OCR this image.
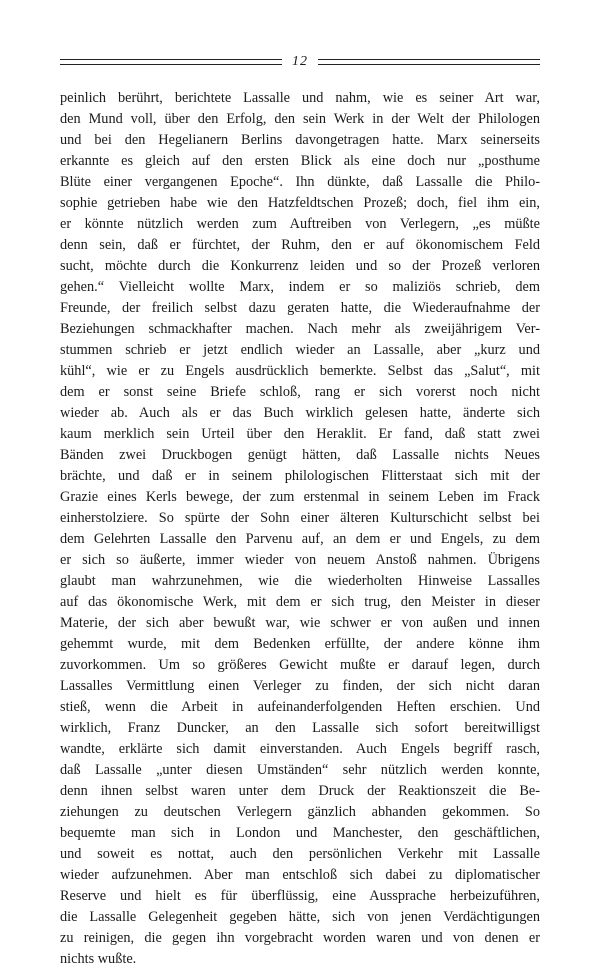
12
peinlich berührt, berichtete Lassalle und nahm, wie es seiner Art war,
den Mund voll, über den Erfolg, den sein Werk in der Welt der Philologen
und bei den Hegelianern Berlins davongetragen hatte. Marx seinerseits
erkannte es gleich auf den ersten Blick als eine doch nur „posthume
Blüte einer vergangenen Epoche“. Ihn dünkte, daß Lassalle die Philo-
sophie getrieben habe wie den Hatzfeldtschen Prozeß; doch, fiel ihm ein,
er könnte nützlich werden zum Auftreiben von Verlegern, „es müßte
denn sein, daß er fürchtet, der Ruhm, den er auf ökonomischem Feld
sucht, möchte durch die Konkurrenz leiden und so der Prozeß verloren
gehen.“ Vielleicht wollte Marx, indem er so maliziös schrieb, dem
Freunde, der freilich selbst dazu geraten hatte, die Wiederaufnahme der
Beziehungen schmackhafter machen. Nach mehr als zweijährigem Ver-
stummen schrieb er jetzt endlich wieder an Lassalle, aber „kurz und
kühl“, wie er zu Engels ausdrücklich bemerkte. Selbst das „Salut“, mit
dem er sonst seine Briefe schloß, rang er sich vorerst noch nicht
wieder ab. Auch als er das Buch wirklich gelesen hatte, änderte sich
kaum merklich sein Urteil über den Heraklit. Er fand, daß statt zwei
Bänden zwei Druckbogen genügt hätten, daß Lassalle nichts Neues
brächte, und daß er in seinem philologischen Flitterstaat sich mit der
Grazie eines Kerls bewege, der zum erstenmal in seinem Leben im Frack
einherstolziere. So spürte der Sohn einer älteren Kulturschicht selbst bei
dem Gelehrten Lassalle den Parvenu auf, an dem er und Engels, zu dem
er sich so äußerte, immer wieder von neuem Anstoß nahmen. Übrigens
glaubt man wahrzunehmen, wie die wiederholten Hinweise Lassalles
auf das ökonomische Werk, mit dem er sich trug, den Meister in dieser
Materie, der sich aber bewußt war, wie schwer er von außen und innen
gehemmt wurde, mit dem Bedenken erfüllte, der andere könne ihm
zuvorkommen. Um so größeres Gewicht mußte er darauf legen, durch
Lassalles Vermittlung einen Verleger zu finden, der sich nicht daran
stieß, wenn die Arbeit in aufeinanderfolgenden Heften erschien. Und
wirklich, Franz Duncker, an den Lassalle sich sofort bereitwilligst
wandte, erklärte sich damit einverstanden. Auch Engels begriff rasch,
daß Lassalle „unter diesen Umständen“ sehr nützlich werden konnte,
denn ihnen selbst waren unter dem Druck der Reaktionszeit die Be-
ziehungen zu deutschen Verlegern gänzlich abhanden gekommen. So
bequemte man sich in London und Manchester, den geschäftlichen,
und soweit es nottat, auch den persönlichen Verkehr mit Lassalle
wieder aufzunehmen. Aber man entschloß sich dabei zu diplomatischer
Reserve und hielt es für überflüssig, eine Aussprache herbeizuführen,
die Lassalle Gelegenheit gegeben hätte, sich von jenen Verdächtigungen
zu reinigen, die gegen ihn vorgebracht worden waren und von denen er
nichts wußte.
